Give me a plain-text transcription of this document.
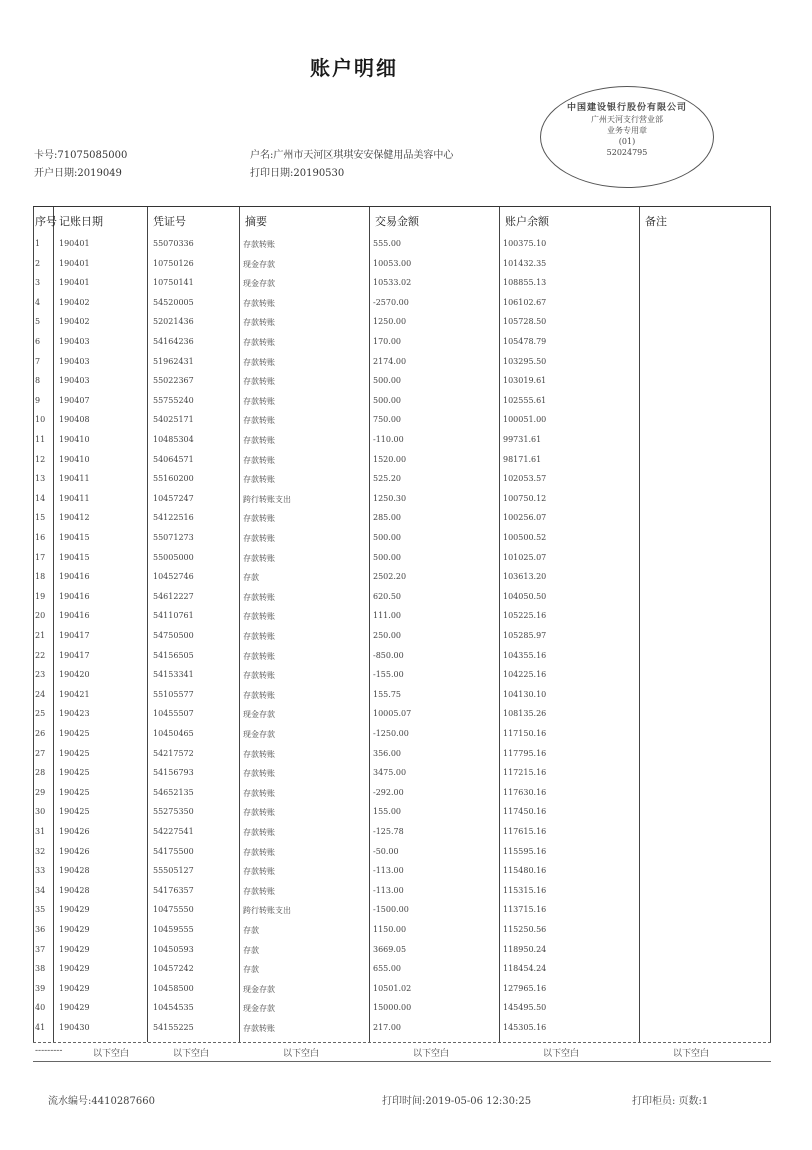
账户明细
卡号:71075085000
开户日期:2019049
户名:广州市天河区琪琪安安保健用品美容中心
打印日期:20190530
中国建设银行股份有限公司
广州天河支行营业部
业务专用章
(01)
52024795
序号 记账日期	凭证号	摘要	交易金额	账户余额	备注
1 190401	55070336	存款转账	555.00	100375.10
2 190401	10750126	现金存款	10053.00	101432.35
3 190401	10750141	现金存款	10533.02	108855.13
4 190402	54520005	存款转账	-2570.00	106102.67
5 190402	52021436	存款转账	1250.00	105728.50
6 190403	54164236	存款转账	170.00	105478.79
7 190403	51962431	存款转账	2174.00	103295.50
8 190403	55022367	存款转账	500.00	103019.61
9 190407	55755240	存款转账	500.00	102555.61
10 190408	54025171	存款转账	750.00	100051.00
11 190410	10485304	存款转账	-110.00	99731.61
12 190410	54064571	存款转账	1520.00	98171.61
13 190411	55160200	存款转账	525.20	102053.57
14 190411	10457247	跨行转账支出	1250.30	100750.12
15 190412	54122516	存款转账	285.00	100256.07
16 190415	55071273	存款转账	500.00	100500.52
17 190415	55005000	存款转账	500.00	101025.07
18 190416	10452746	存款	2502.20	103613.20
19 190416	54612227	存款转账	620.50	104050.50
20 190416	54110761	存款转账	111.00	105225.16
21 190417	54750500	存款转账	250.00	105285.97
22 190417	54156505	存款转账	-850.00	104355.16
23 190420	54153341	存款转账	-155.00	104225.16
24 190421	55105577	存款转账	155.75	104130.10
25 190423	10455507	现金存款	10005.07	108135.26
26 190425	10450465	现金存款	-1250.00	117150.16
27 190425	54217572	存款转账	356.00	117795.16
28 190425	54156793	存款转账	3475.00	117215.16
29 190425	54652135	存款转账	-292.00	117630.16
30 190425	55275350	存款转账	155.00	117450.16
31 190426	54227541	存款转账	-125.78	117615.16
32 190426	54175500	存款转账	-50.00	115595.16
33 190428	55505127	存款转账	-113.00	115480.16
34 190428	54176357	存款转账	-113.00	115315.16
35 190429	10475550	跨行转账支出	-1500.00	113715.16
36 190429	10459555	存款	1150.00	115250.56
37 190429	10450593	存款	3669.05	118950.24
38 190429	10457242	存款	655.00	118454.24
39 190429	10458500	现金存款	10501.02	127965.16
40 190429	10454535	现金存款	15000.00	145495.50
41 190430	54155225	存款转账	217.00	145305.16
---------	以下空白	以下空白	以下空白	以下空白	以下空白	以下空白
流水编号:4410287660	打印时间:2019-05-06 12:30:25	打印柜员: 页数:1
